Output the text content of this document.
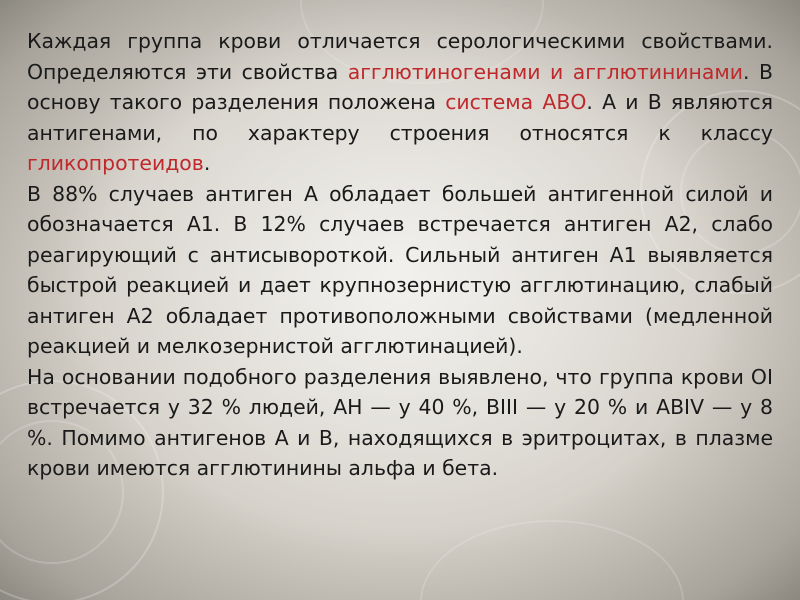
Каждая группа крови отличается серологическими свойствами. Определяются эти свойства агглютиногенами и агглютининами. В основу такого разделения положена система АВО. А и В являются антигенами, по характеру строения относятся к классу гликопротеидов.

В 88% случаев антиген А обладает большей антигенной силой и обозначается А1. В 12% случаев встречается антиген А2, слабо реагирующий с антисывороткой. Сильный антиген А1 выявляется быстрой реакцией и дает крупнозернистую агглютинацию, слабый антиген А2 обладает противоположными свойствами (медленной реакцией и мелкозернистой агглютинацией).

На основании подобного разделения выявлено, что группа крови OI встречается у 32 % людей, АН — у 40 %, BIII — у 20 % и ABIV — у 8 %. Помимо антигенов А и В, находящихся в эритроцитах, в плазме крови имеются агглютинины альфа и бета.
